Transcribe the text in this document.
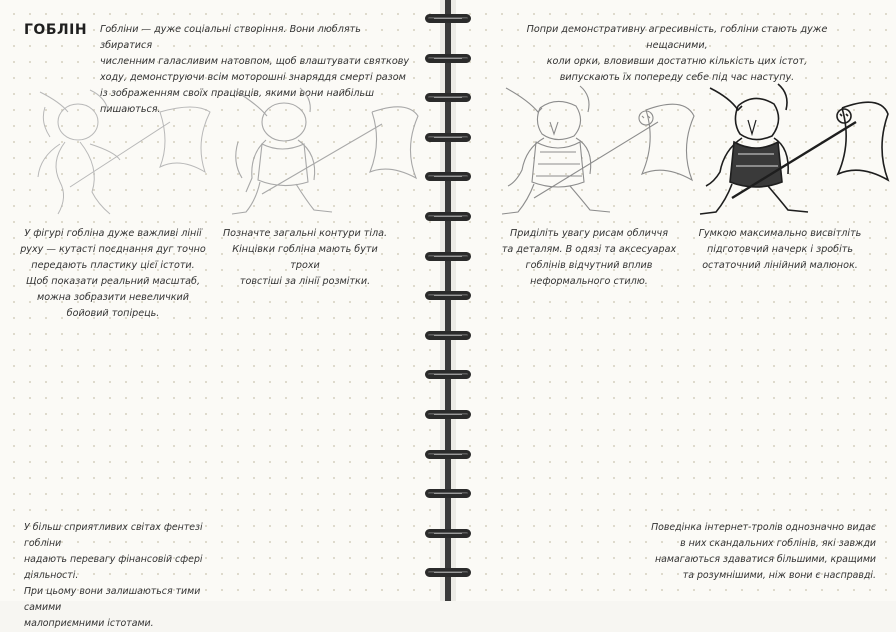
ГОБЛІН Гобліни — дуже соціальні створіння. Вони люблять збиратися
численним галасливим натовпом, щоб влаштувати святкову
ходу, демонструючи всім моторошні знаряддя смерті разом
із зображенням своїх працівців, якими вони найбільш пишаються.

Попри демонстративну агресивність, гобліни стають дуже нещасними,
коли орки, вловивши достатню кількість цих істот,
випускають їх попереду себе під час наступу.

У фігурі гобліна дуже важливі лінії
руху — кутасті поєднання дуг точно
передають пластику цієї істоти.
Щоб показати реальний масштаб,
можна зобразити невеличкий
бойовий топірець.

Позначте загальні контури тіла.
Кінцівки гобліна мають бути трохи
товстіші за лінії розмітки.

Приділіть увагу рисам обличчя
та деталям. В одязі та аксесуарах
гоблінів відчутний вплив
неформального стилю.

Гумкою максимально висвітліть
підготовчий начерк і зробіть
остаточний лінійний малюнок.

У більш сприятливих світах фентезі гобліни
надають перевагу фінансовій сфері діяльності.
При цьому вони залишаються тими самими
малоприємними істотами.

Поведінка інтернет-тролів однозначно видає
в них скандальних гоблінів, які завжди
намагаються здаватися більшими, кращими
та розумнішими, ніж вони є насправді.
